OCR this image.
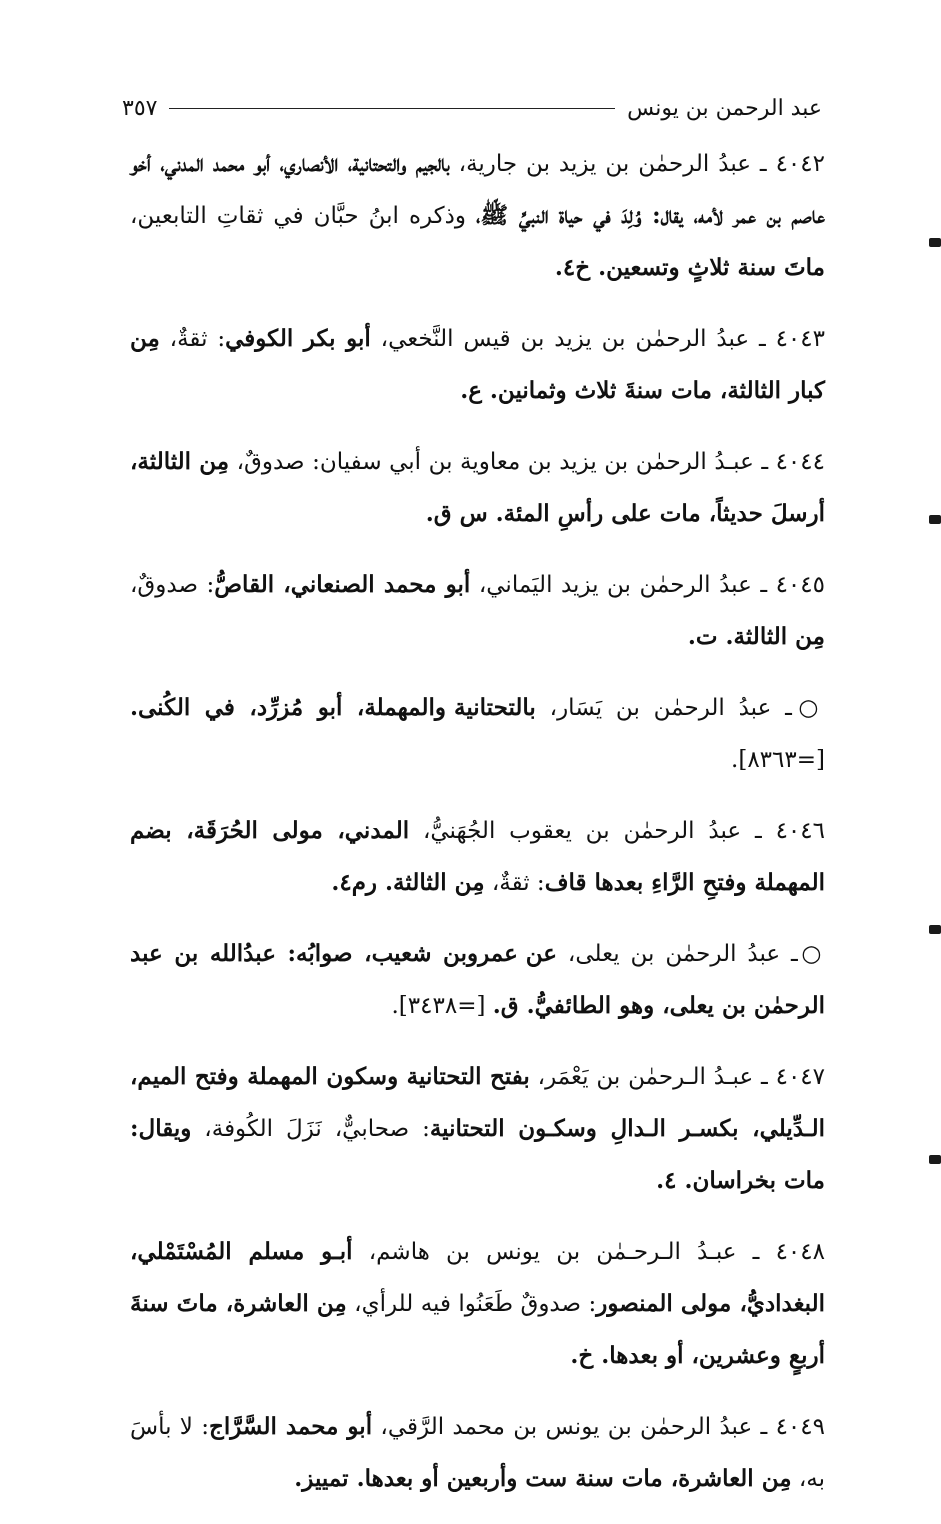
عبد الرحمن بن يونس
٣٥٧

٤٠٤٢ ـ عبدُ الرحمٰن بن يزيد بن جارية، بالجيم والتحتانية، الأنصاري، أبو محمد المدني، أخو عاصم بن عمر لأمه، يقال: وُلِدَ في حياة النبيِّ ﷺ، وذكره ابنُ حبَّان في ثقاتِ التابعين، ماتَ سنة ثلاثٍ وتسعين. خ٤.

٤٠٤٣ ـ عبدُ الرحمٰن بن يزيد بن قيس النَّخعي، أبو بكر الكوفي: ثقةٌ، مِن كبار الثالثة، مات سنةَ ثلاث وثمانين. ع.

٤٠٤٤ ـ عبـدُ الرحمٰن بن يزيد بن معاوية بن أبي سفيان: صدوقٌ، مِن الثالثة، أرسلَ حديثاً، مات على رأسِ المئة. س ق.

٤٠٤٥ ـ عبدُ الرحمٰن بن يزيد اليَماني، أبو محمد الصنعاني، القاصُّ: صدوقٌ، مِن الثالثة. ت.

○ـ عبدُ الرحمٰن بن يَسَار، بالتحتانية والمهملة، أبو مُزرِّد، في الكُنى. [=٨٣٦٣].

٤٠٤٦ ـ عبدُ الرحمٰن بن يعقوب الجُهَنيُّ، المدني، مولى الحُرَقَة، بضم المهملة وفتحِ الرَّاءِ بعدها قاف: ثقةٌ، مِن الثالثة. رم٤.

○ـ عبدُ الرحمٰن بن يعلى، عن عمروبن شعيب، صوابُه: عبدُالله بن عبد الرحمٰن بن يعلى، وهو الطائفيُّ. ق. [=٣٤٣٨].

٤٠٤٧ ـ عبـدُ الـرحمٰن بن يَعْمَر، بفتح التحتانية وسكون المهملة وفتح الميم، الـدِّيلي، بكسـر الـدالِ وسكـون التحتانية: صحابيٌّ، نَزَلَ الكُوفة، ويقال: مات بخراسان. ٤.

٤٠٤٨ ـ عبـدُ الـرحـمٰن بن يونس بن هاشم، أبـو مسلم المُسْتَمْلي، البغداديُّ، مولى المنصور: صدوقٌ طَعَنُوا فيه للرأي، مِن العاشرة، ماتَ سنةَ أربعٍ وعشرين، أو بعدها. خ.

٤٠٤٩ ـ عبدُ الرحمٰن بن يونس بن محمد الرَّقي، أبو محمد السَّرَّاج: لا بأسَ به، مِن العاشرة، مات سنة ست وأربعين أو بعدها. تمييز.
